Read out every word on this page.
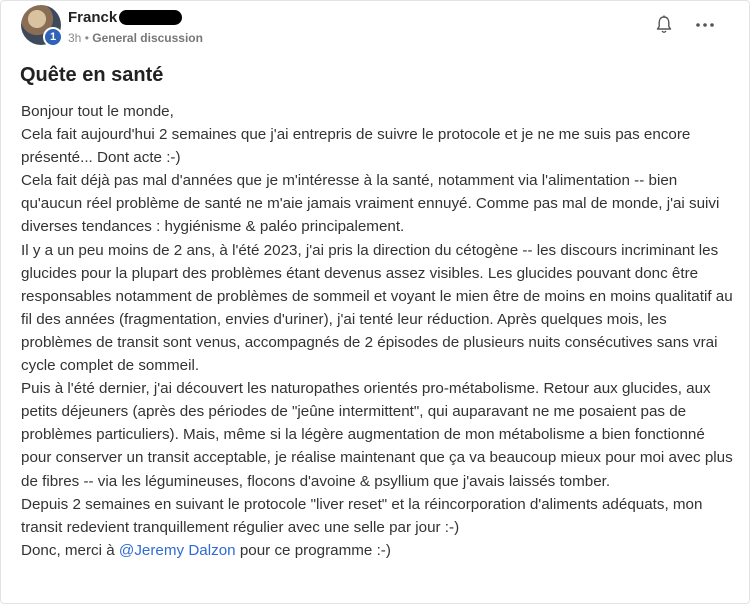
1
Franck
3h • General discussion
Quête en santé

Bonjour tout le monde,

Cela fait aujourd'hui 2 semaines que j'ai entrepris de suivre le protocole et je ne me suis pas encore présenté... Dont acte :-)

Cela fait déjà pas mal d'années que je m'intéresse à la santé, notamment via l'alimentation -- bien qu'aucun réel problème de santé ne m'aie jamais vraiment ennuyé. Comme pas mal de monde, j'ai suivi diverses tendances : hygiénisme & paléo principalement.

Il y a un peu moins de 2 ans, à l'été 2023, j'ai pris la direction du cétogène -- les discours incriminant les glucides pour la plupart des problèmes étant devenus assez visibles. Les glucides pouvant donc être responsables notamment de problèmes de sommeil et voyant le mien être de moins en moins qualitatif au fil des années (fragmentation, envies d'uriner), j'ai tenté leur réduction. Après quelques mois, les problèmes de transit sont venus, accompagnés de 2 épisodes de plusieurs nuits consécutives sans vrai cycle complet de sommeil.

Puis à l'été dernier, j'ai découvert les naturopathes orientés pro-métabolisme. Retour aux glucides, aux petits déjeuners (après des périodes de "jeûne intermittent", qui auparavant ne me posaient pas de problèmes particuliers). Mais, même si la légère augmentation de mon métabolisme a bien fonctionné pour conserver un transit acceptable, je réalise maintenant que ça va beaucoup mieux pour moi avec plus de fibres -- via les légumineuses, flocons d'avoine & psyllium que j'avais laissés tomber.

Depuis 2 semaines en suivant le protocole "liver reset" et la réincorporation d'aliments adéquats, mon transit redevient tranquillement régulier avec une selle par jour :-)

Donc, merci à @Jeremy Dalzon pour ce programme :-)
